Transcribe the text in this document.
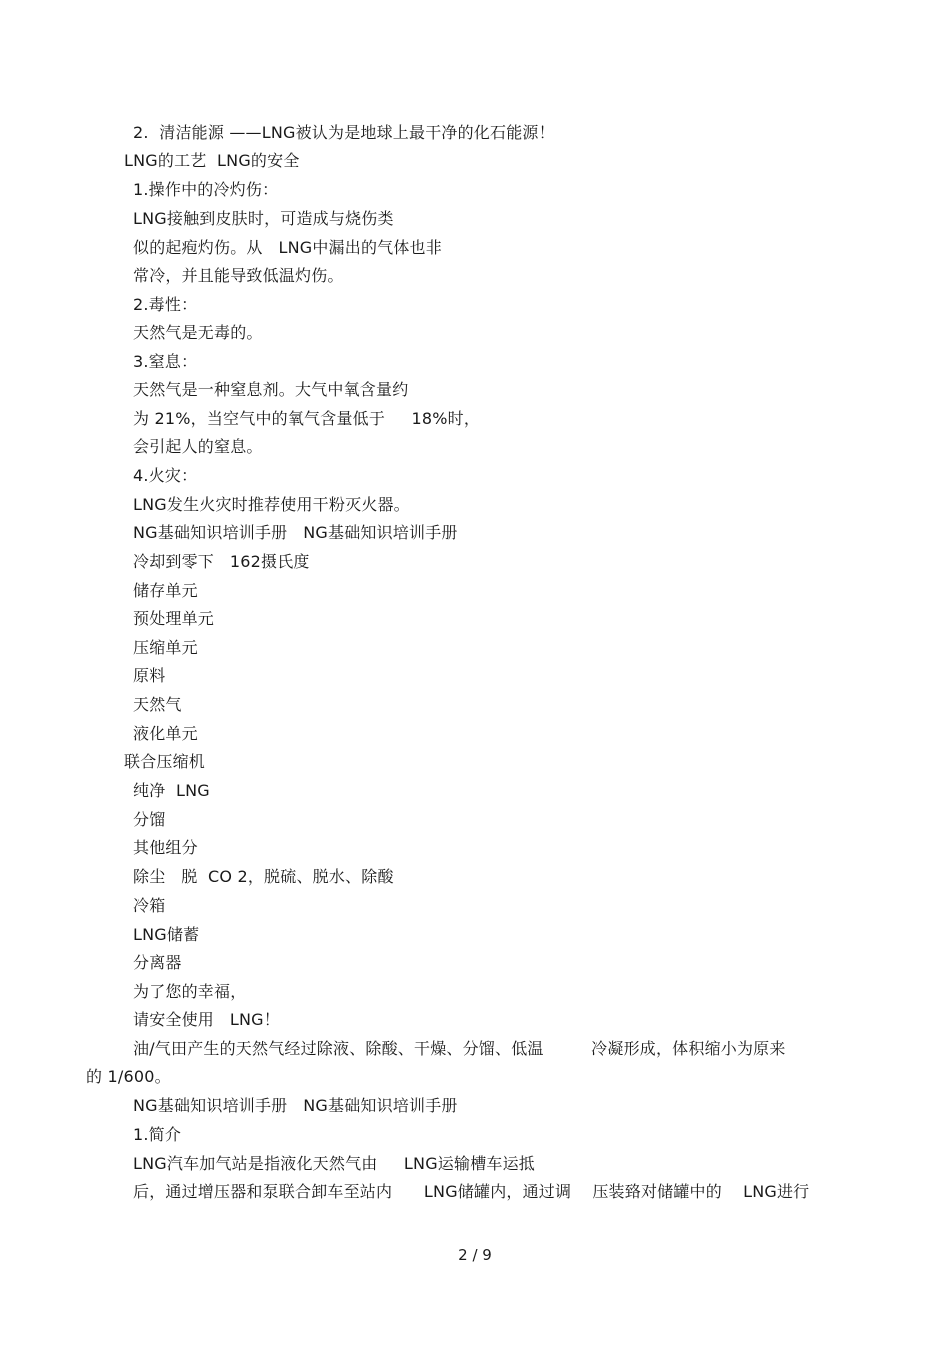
2.  清洁能源 ——LNG被认为是地球上最干净的化石能源！
LNG的工艺  LNG的安全
1.操作中的冷灼伤：
LNG接触到皮肤时，可造成与烧伤类
似的起疱灼伤。从   LNG中漏出的气体也非
常冷，并且能导致低温灼伤。
2.毒性：
天然气是无毒的。
3.窒息：
天然气是一种窒息剂。大气中氧含量约
为 21%，当空气中的氧气含量低于     18%时，
会引起人的窒息。
4.火灾：
LNG发生火灾时推荐使用干粉灭火器。
NG基础知识培训手册   NG基础知识培训手册
冷却到零下   162摄氏度
储存单元
预处理单元
压缩单元
原料
天然气
液化单元
联合压缩机
纯净  LNG
分馏
其他组分
除尘   脱  CO 2，脱硫、脱水、除酸
冷箱
LNG储蓄
分离器
为了您的幸福，
请安全使用   LNG！
油/气田产生的天然气经过除液、除酸、干燥、分馏、低温         冷凝形成，体积缩小为原来
的 1/600。
NG基础知识培训手册   NG基础知识培训手册
1.简介
LNG汽车加气站是指液化天然气由     LNG运输槽车运抵
后，通过增压器和泵联合卸车至站内      LNG储罐内，通过调    压装臵对储罐中的    LNG进行
2 / 9
